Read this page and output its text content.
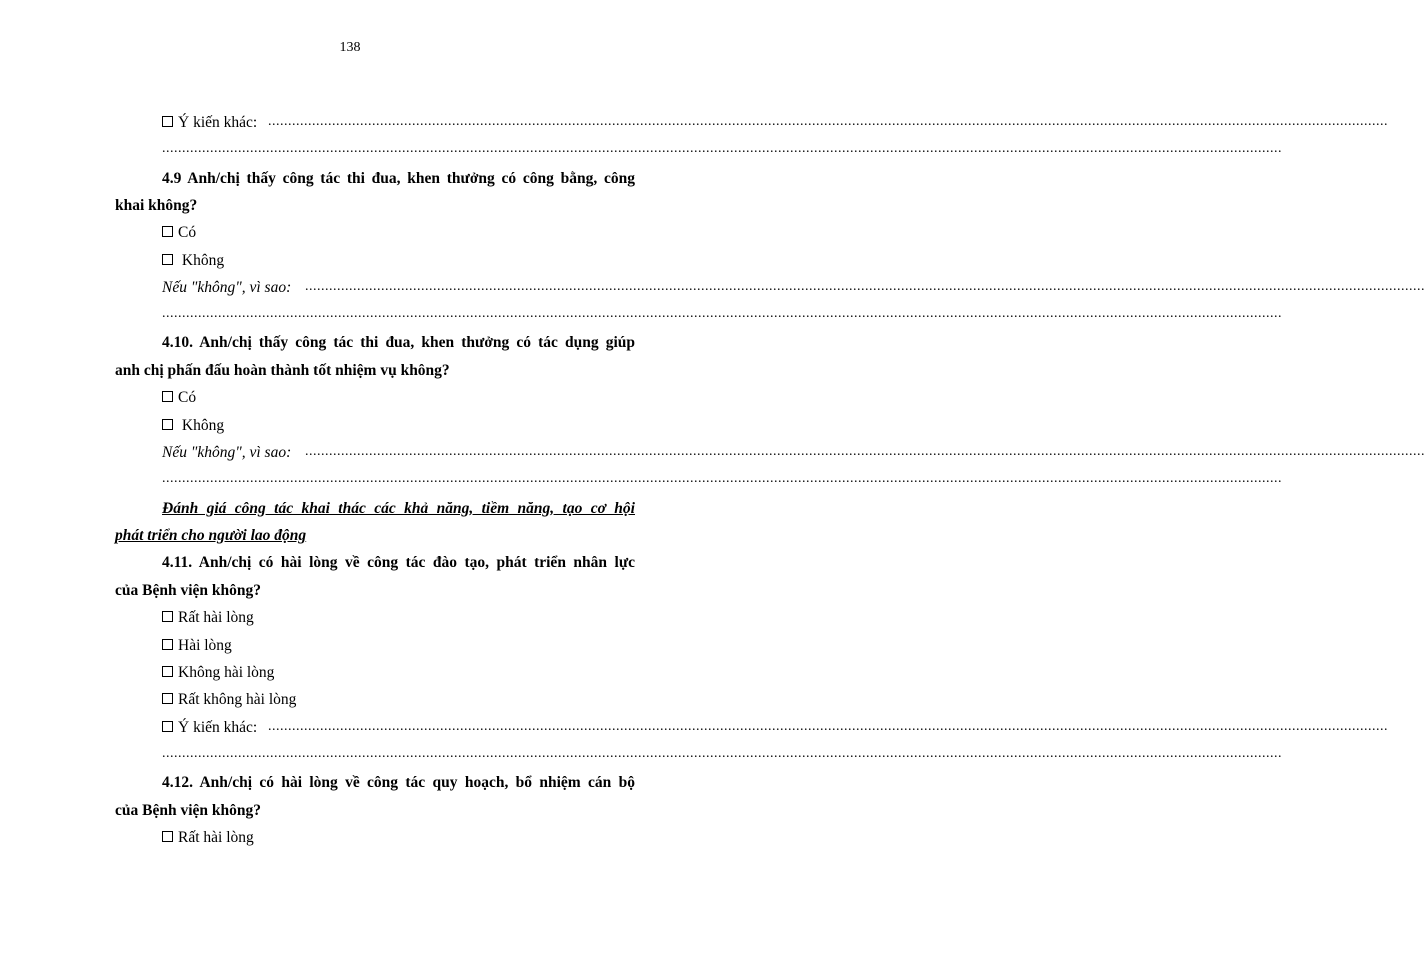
138
Ý kiến khác: ........................................................................................................................................................................................................................................................................................
........................................................................................................................................................................................................................................................................................
4.9 Anh/chị thấy công tác thi đua, khen thưởng có công bằng, công
khai không?
Có
Không
Nếu "không", vì sao: ........................................................................................................................................................................................................................................................................................
........................................................................................................................................................................................................................................................................................
4.10. Anh/chị thấy công tác thi đua, khen thưởng có tác dụng giúp
anh chị phấn đấu hoàn thành tốt nhiệm vụ không?
Có
Không
Nếu "không", vì sao: ........................................................................................................................................................................................................................................................................................
........................................................................................................................................................................................................................................................................................
Đánh giá công tác khai thác các khả năng, tiềm năng, tạo cơ hội
phát triển cho người lao động
4.11. Anh/chị có hài lòng về công tác đào tạo, phát triển nhân lực
của Bệnh viện không?
Rất hài lòng
Hài lòng
Không hài lòng
Rất không hài lòng
Ý kiến khác: ........................................................................................................................................................................................................................................................................................
........................................................................................................................................................................................................................................................................................
4.12. Anh/chị có hài lòng về công tác quy hoạch, bổ nhiệm cán bộ
của Bệnh viện không?
Rất hài lòng
